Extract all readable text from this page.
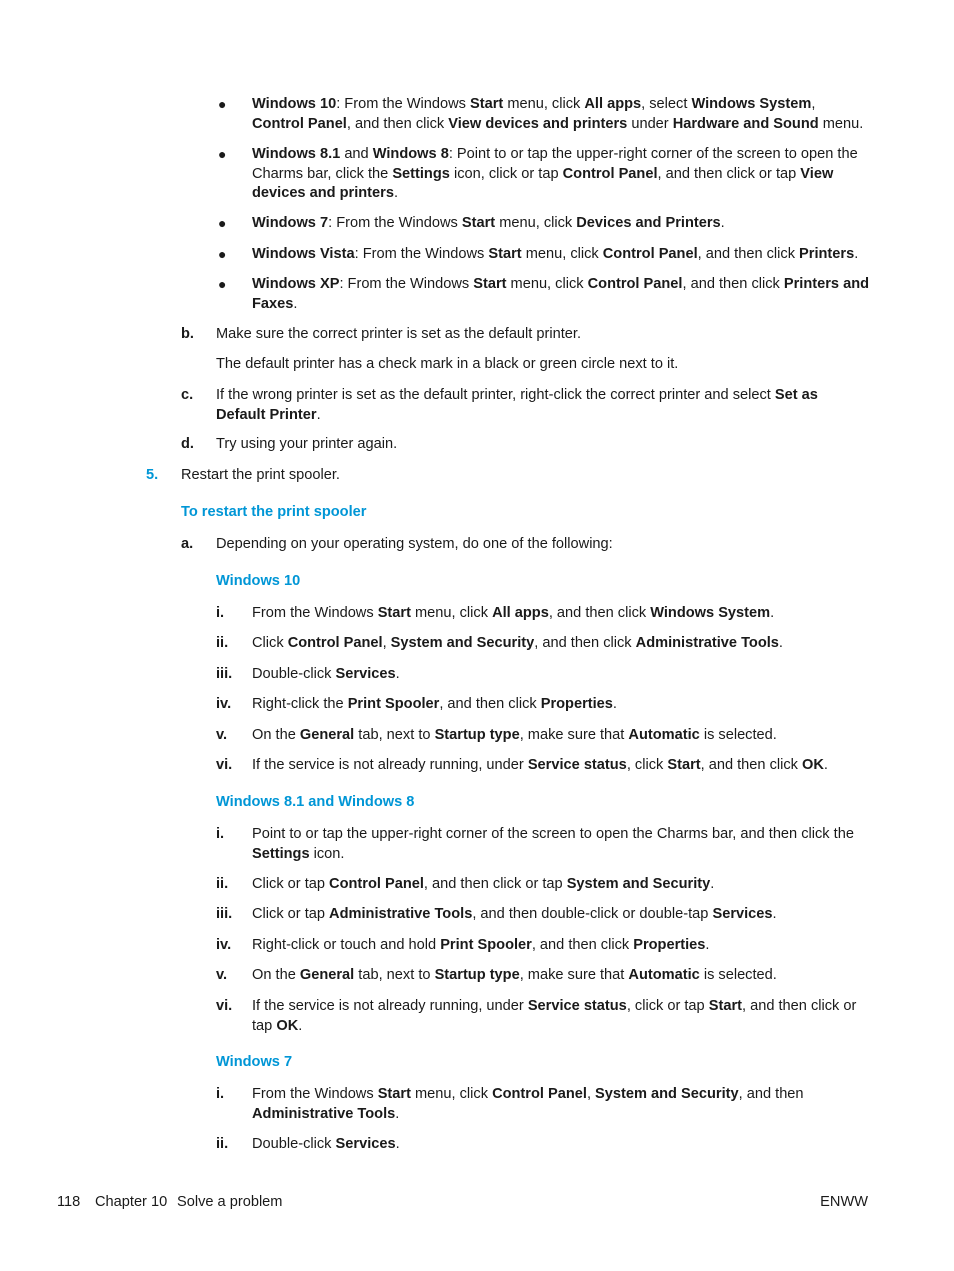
● Windows 10: From the Windows Start menu, click All apps, select Windows System, Control Panel, and then click View devices and printers under Hardware and Sound menu.
● Windows 8.1 and Windows 8: Point to or tap the upper-right corner of the screen to open the Charms bar, click the Settings icon, click or tap Control Panel, and then click or tap View devices and printers.
● Windows 7: From the Windows Start menu, click Devices and Printers.
● Windows Vista: From the Windows Start menu, click Control Panel, and then click Printers.
● Windows XP: From the Windows Start menu, click Control Panel, and then click Printers and Faxes.
b. Make sure the correct printer is set as the default printer.
The default printer has a check mark in a black or green circle next to it.
c. If the wrong printer is set as the default printer, right-click the correct printer and select Set as Default Printer.
d. Try using your printer again.
5. Restart the print spooler.
To restart the print spooler
a. Depending on your operating system, do one of the following:
Windows 10
i. From the Windows Start menu, click All apps, and then click Windows System.
ii. Click Control Panel, System and Security, and then click Administrative Tools.
iii. Double-click Services.
iv. Right-click the Print Spooler, and then click Properties.
v. On the General tab, next to Startup type, make sure that Automatic is selected.
vi. If the service is not already running, under Service status, click Start, and then click OK.
Windows 8.1 and Windows 8
i. Point to or tap the upper-right corner of the screen to open the Charms bar, and then click the Settings icon.
ii. Click or tap Control Panel, and then click or tap System and Security.
iii. Click or tap Administrative Tools, and then double-click or double-tap Services.
iv. Right-click or touch and hold Print Spooler, and then click Properties.
v. On the General tab, next to Startup type, make sure that Automatic is selected.
vi. If the service is not already running, under Service status, click or tap Start, and then click or tap OK.
Windows 7
i. From the Windows Start menu, click Control Panel, System and Security, and then Administrative Tools.
ii. Double-click Services.
118 Chapter 10 Solve a problem	ENWW
